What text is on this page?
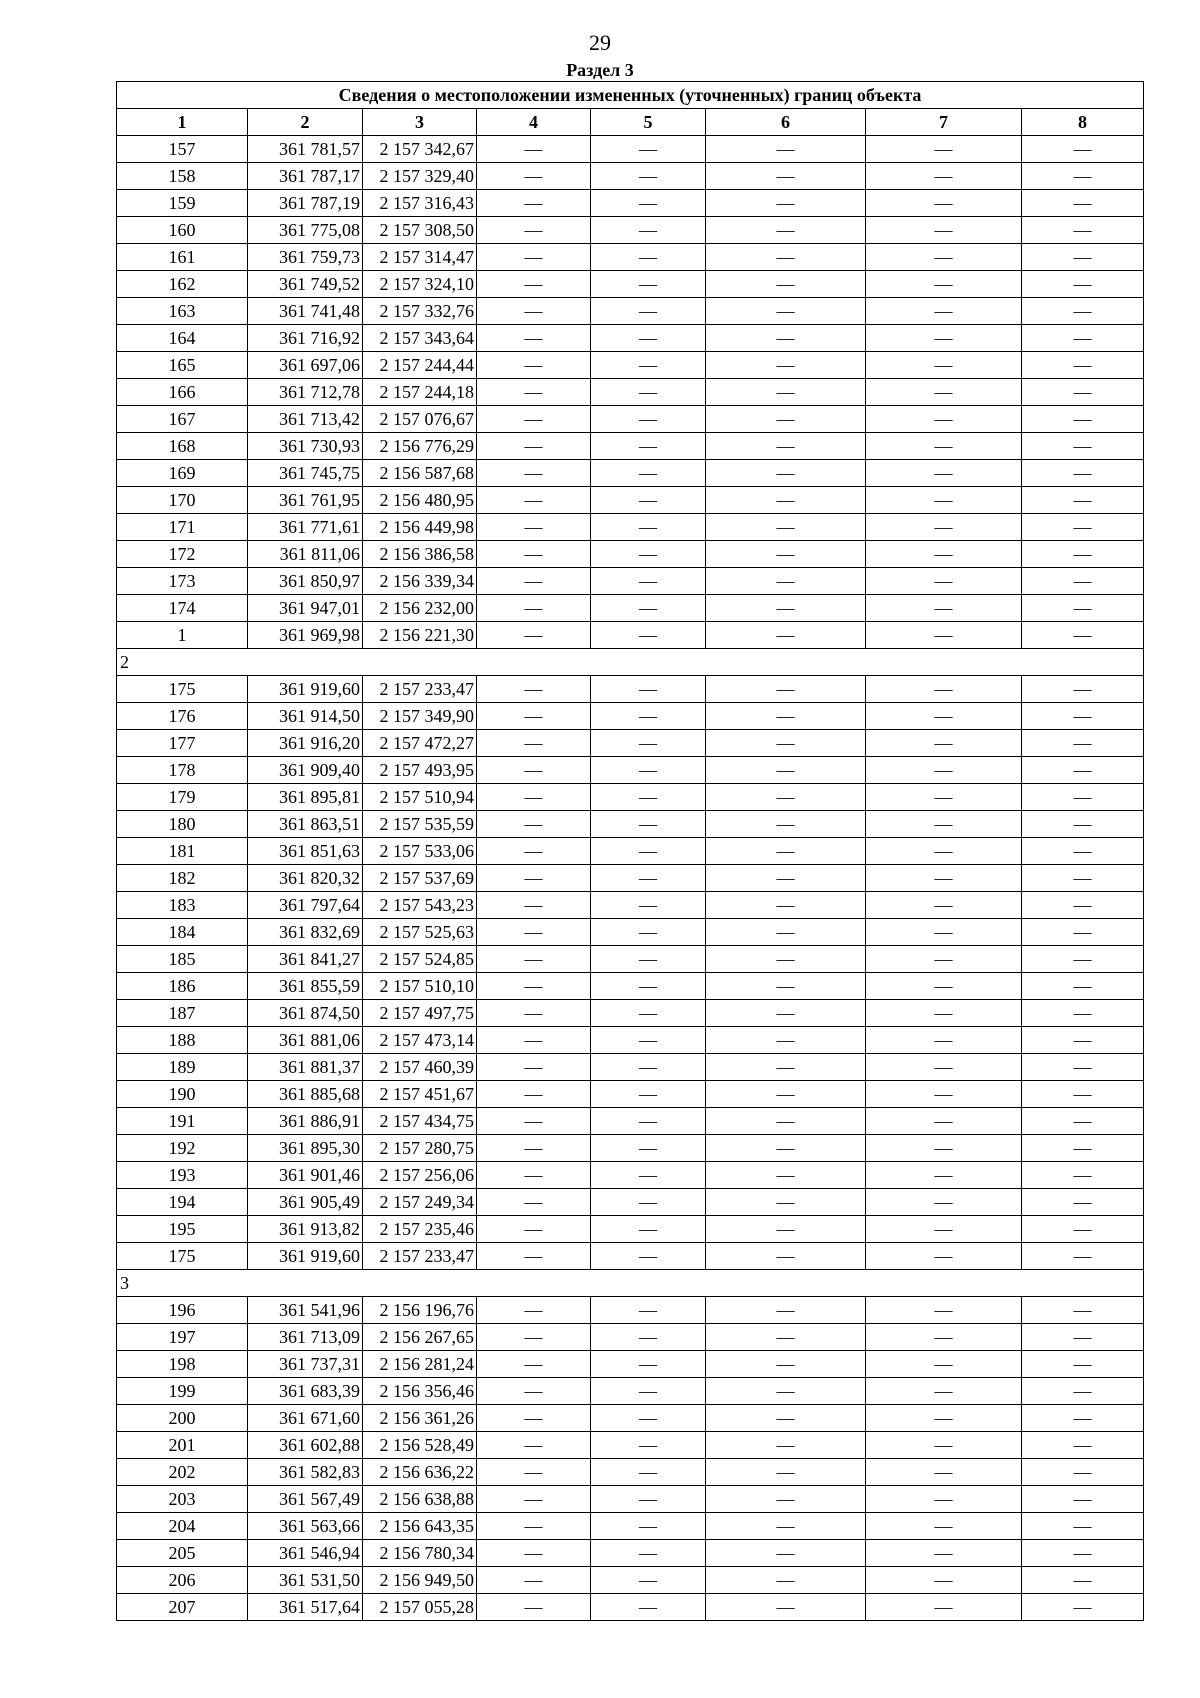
29
Раздел 3
Сведения о местоположении измененных (уточненных) границ объекта							
1	2	3	4	5	6	7	8
157	361 781,57	2 157 342,67	—	—	—	—	—
158	361 787,17	2 157 329,40	—	—	—	—	—
159	361 787,19	2 157 316,43	—	—	—	—	—
160	361 775,08	2 157 308,50	—	—	—	—	—
161	361 759,73	2 157 314,47	—	—	—	—	—
162	361 749,52	2 157 324,10	—	—	—	—	—
163	361 741,48	2 157 332,76	—	—	—	—	—
164	361 716,92	2 157 343,64	—	—	—	—	—
165	361 697,06	2 157 244,44	—	—	—	—	—
166	361 712,78	2 157 244,18	—	—	—	—	—
167	361 713,42	2 157 076,67	—	—	—	—	—
168	361 730,93	2 156 776,29	—	—	—	—	—
169	361 745,75	2 156 587,68	—	—	—	—	—
170	361 761,95	2 156 480,95	—	—	—	—	—
171	361 771,61	2 156 449,98	—	—	—	—	—
172	361 811,06	2 156 386,58	—	—	—	—	—
173	361 850,97	2 156 339,34	—	—	—	—	—
174	361 947,01	2 156 232,00	—	—	—	—	—
1	361 969,98	2 156 221,30	—	—	—	—	—
2							
175	361 919,60	2 157 233,47	—	—	—	—	—
176	361 914,50	2 157 349,90	—	—	—	—	—
177	361 916,20	2 157 472,27	—	—	—	—	—
178	361 909,40	2 157 493,95	—	—	—	—	—
179	361 895,81	2 157 510,94	—	—	—	—	—
180	361 863,51	2 157 535,59	—	—	—	—	—
181	361 851,63	2 157 533,06	—	—	—	—	—
182	361 820,32	2 157 537,69	—	—	—	—	—
183	361 797,64	2 157 543,23	—	—	—	—	—
184	361 832,69	2 157 525,63	—	—	—	—	—
185	361 841,27	2 157 524,85	—	—	—	—	—
186	361 855,59	2 157 510,10	—	—	—	—	—
187	361 874,50	2 157 497,75	—	—	—	—	—
188	361 881,06	2 157 473,14	—	—	—	—	—
189	361 881,37	2 157 460,39	—	—	—	—	—
190	361 885,68	2 157 451,67	—	—	—	—	—
191	361 886,91	2 157 434,75	—	—	—	—	—
192	361 895,30	2 157 280,75	—	—	—	—	—
193	361 901,46	2 157 256,06	—	—	—	—	—
194	361 905,49	2 157 249,34	—	—	—	—	—
195	361 913,82	2 157 235,46	—	—	—	—	—
175	361 919,60	2 157 233,47	—	—	—	—	—
3							
196	361 541,96	2 156 196,76	—	—	—	—	—
197	361 713,09	2 156 267,65	—	—	—	—	—
198	361 737,31	2 156 281,24	—	—	—	—	—
199	361 683,39	2 156 356,46	—	—	—	—	—
200	361 671,60	2 156 361,26	—	—	—	—	—
201	361 602,88	2 156 528,49	—	—	—	—	—
202	361 582,83	2 156 636,22	—	—	—	—	—
203	361 567,49	2 156 638,88	—	—	—	—	—
204	361 563,66	2 156 643,35	—	—	—	—	—
205	361 546,94	2 156 780,34	—	—	—	—	—
206	361 531,50	2 156 949,50	—	—	—	—	—
207	361 517,64	2 157 055,28	—	—	—	—	—
